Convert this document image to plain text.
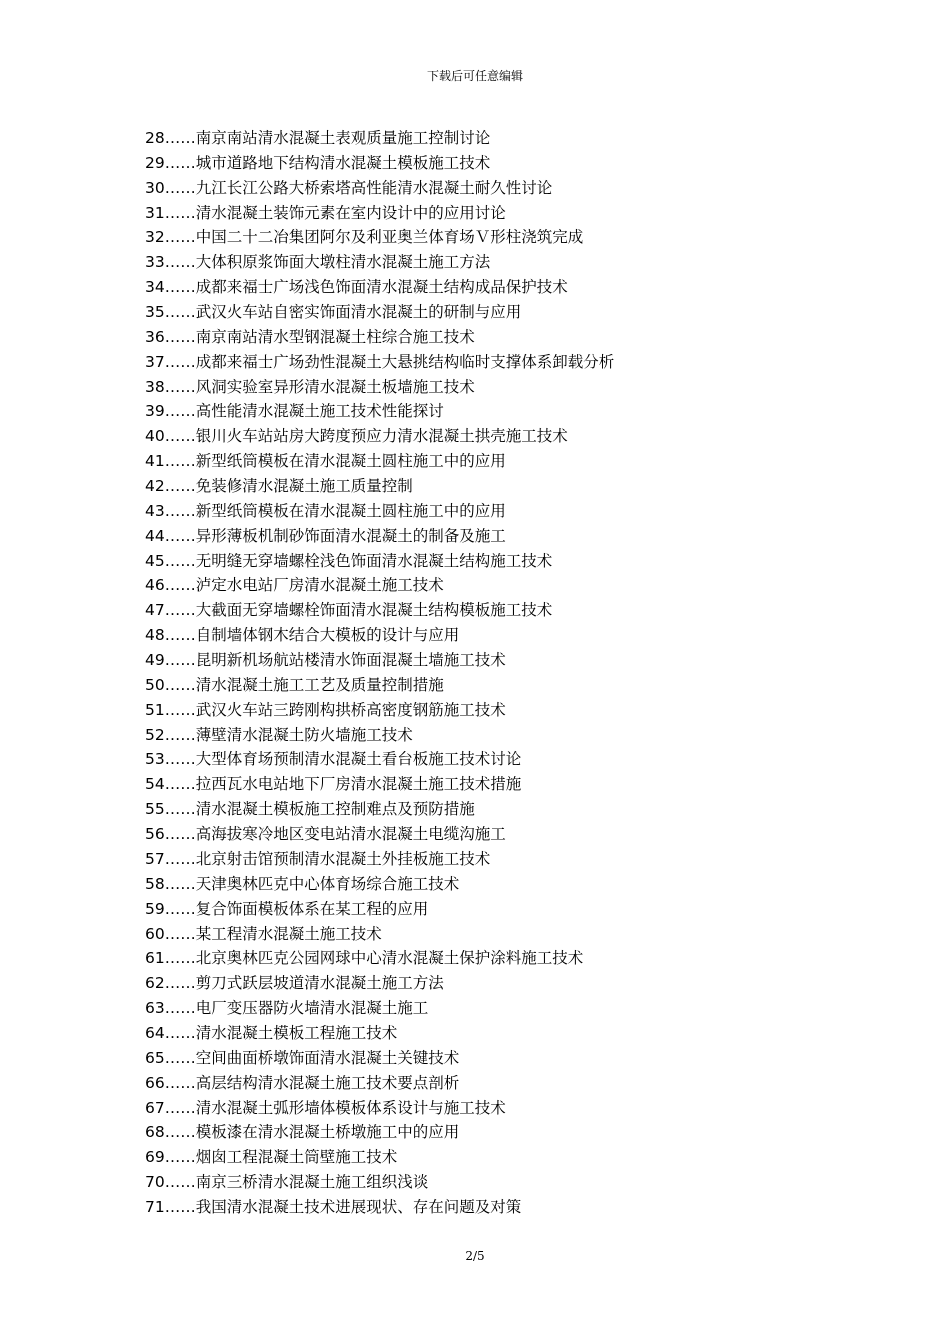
下载后可任意编辑
28……南京南站清水混凝土表观质量施工控制讨论
29……城市道路地下结构清水混凝土模板施工技术
30……九江长江公路大桥索塔高性能清水混凝土耐久性讨论
31……清水混凝土装饰元素在室内设计中的应用讨论
32……中国二十二冶集团阿尔及利亚奥兰体育场Ｖ形柱浇筑完成
33……大体积原浆饰面大墩柱清水混凝土施工方法
34……成都来福士广场浅色饰面清水混凝土结构成品保护技术
35……武汉火车站自密实饰面清水混凝土的研制与应用
36……南京南站清水型钢混凝土柱综合施工技术
37……成都来福士广场劲性混凝土大悬挑结构临时支撑体系卸载分析
38……风洞实验室异形清水混凝土板墙施工技术
39……高性能清水混凝土施工技术性能探讨
40……银川火车站站房大跨度预应力清水混凝土拱壳施工技术
41……新型纸筒模板在清水混凝土圆柱施工中的应用
42……免装修清水混凝土施工质量控制
43……新型纸筒模板在清水混凝土圆柱施工中的应用
44……异形薄板机制砂饰面清水混凝土的制备及施工
45……无明缝无穿墙螺栓浅色饰面清水混凝土结构施工技术
46……泸定水电站厂房清水混凝土施工技术
47……大截面无穿墙螺栓饰面清水混凝土结构模板施工技术
48……自制墙体钢木结合大模板的设计与应用
49……昆明新机场航站楼清水饰面混凝土墙施工技术
50……清水混凝土施工工艺及质量控制措施
51……武汉火车站三跨刚构拱桥高密度钢筋施工技术
52……薄壁清水混凝土防火墙施工技术
53……大型体育场预制清水混凝土看台板施工技术讨论
54……拉西瓦水电站地下厂房清水混凝土施工技术措施
55……清水混凝土模板施工控制难点及预防措施
56……高海拔寒冷地区变电站清水混凝土电缆沟施工
57……北京射击馆预制清水混凝土外挂板施工技术
58……天津奥林匹克中心体育场综合施工技术
59……复合饰面模板体系在某工程的应用
60……某工程清水混凝土施工技术
61……北京奥林匹克公园网球中心清水混凝土保护涂料施工技术
62……剪刀式跃层坡道清水混凝土施工方法
63……电厂变压器防火墙清水混凝土施工
64……清水混凝土模板工程施工技术
65……空间曲面桥墩饰面清水混凝土关键技术
66……高层结构清水混凝土施工技术要点剖析
67……清水混凝土弧形墙体模板体系设计与施工技术
68……模板漆在清水混凝土桥墩施工中的应用
69……烟囱工程混凝土筒壁施工技术
70……南京三桥清水混凝土施工组织浅谈
71……我国清水混凝土技术进展现状、存在问题及对策
2/5
